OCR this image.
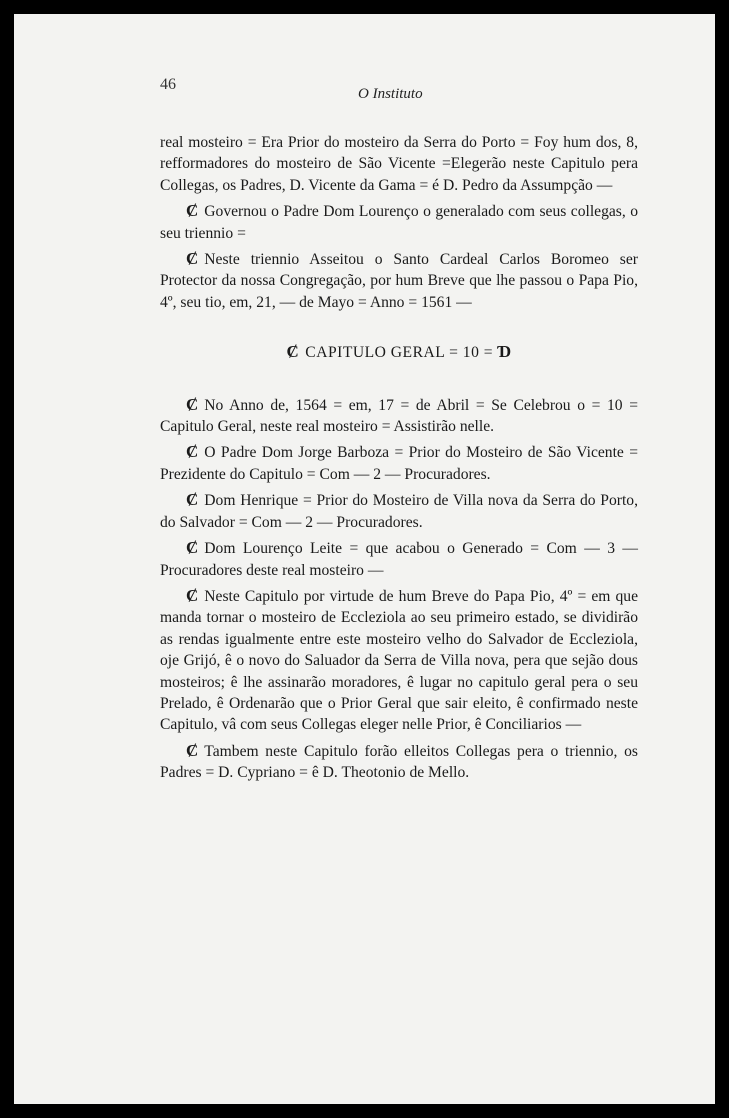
46
O Instituto

real mosteiro = Era Prior do mosteiro da Serra do Porto = Foy hum dos, 8, refformadores do mosteiro de São Vicente =Elegerão neste Capitulo pera Collegas, os Padres, D. Vicente da Gama = é D. Pedro da Assumpção —

Ȼ Governou o Padre Dom Lourenço o generalado com seus collegas, o seu triennio =

Ȼ Neste triennio Asseitou o Santo Cardeal Carlos Boromeo ser Protector da nossa Congregação, por hum Breve que lhe passou o Papa Pio, 4º, seu tio, em, 21, — de Mayo = Anno = 1561 —

Ȼ CAPITULO GERAL = 10 = Ɗ

Ȼ No Anno de, 1564 = em, 17 = de Abril = Se Celebrou o = 10 = Capitulo Geral, neste real mosteiro = Assistirão nelle.

Ȼ O Padre Dom Jorge Barboza = Prior do Mosteiro de São Vicente = Prezidente do Capitulo = Com — 2 — Procuradores.

Ȼ Dom Henrique = Prior do Mosteiro de Villa nova da Serra do Porto, do Salvador = Com — 2 — Procuradores.

Ȼ Dom Lourenço Leite = que acabou o Generado = Com — 3 — Procuradores deste real mosteiro —

Ȼ Neste Capitulo por virtude de hum Breve do Papa Pio, 4º = em que manda tornar o mosteiro de Eccleziola ao seu primeiro estado, se dividirão as rendas igualmente entre este mosteiro velho do Salvador de Eccleziola, oje Grijó, ê o novo do Saluador da Serra de Villa nova, pera que sejão dous mosteiros; ê lhe assinarão moradores, ê lugar no capitulo geral pera o seu Prelado, ê Ordenarão que o Prior Geral que sair eleito, ê confirmado neste Capitulo, vâ com seus Collegas eleger nelle Prior, ê Conciliarios —

Ȼ Tambem neste Capitulo forão elleitos Collegas pera o triennio, os Padres = D. Cypriano = ê D. Theotonio de Mello.
